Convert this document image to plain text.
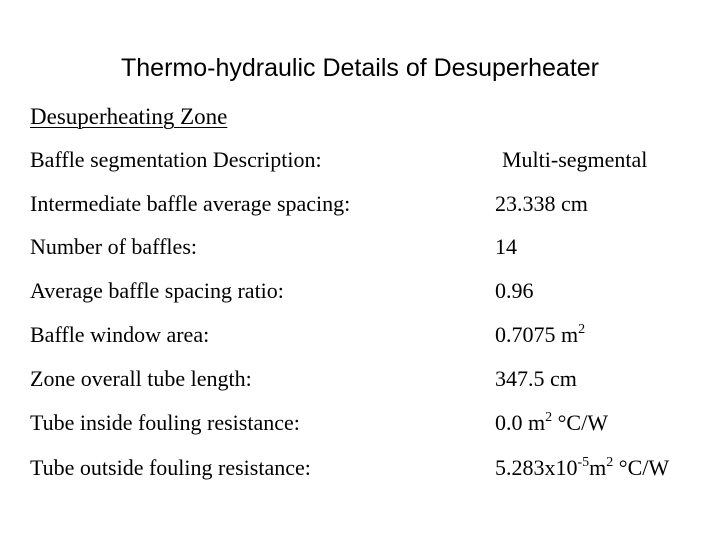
Thermo-hydraulic Details of Desuperheater
Desuperheating Zone
Baffle segmentation Description:	Multi-segmental
Intermediate baffle average spacing:	23.338 cm
Number of baffles:	14
Average baffle spacing ratio:	0.96
Baffle window area:	0.7075 $m^2$
Zone overall tube length:	347.5 cm
Tube inside fouling resistance:	0.0 $m^2$ °C/W
Tube outside fouling resistance:	$5.283x10^{-5}m^2$ °C/W
